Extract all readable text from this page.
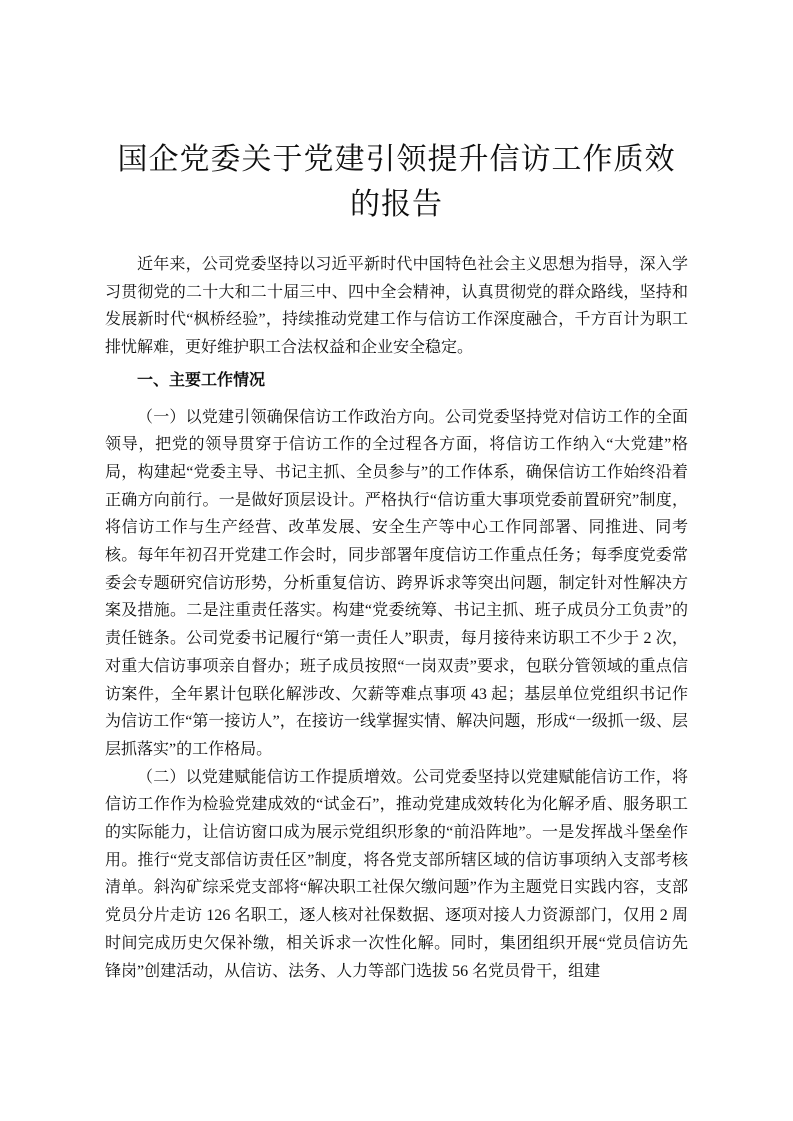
国企党委关于党建引领提升信访工作质效的报告

近年来，公司党委坚持以习近平新时代中国特色社会主义思想为指导，深入学习贯彻党的二十大和二十届三中、四中全会精神，认真贯彻党的群众路线，坚持和发展新时代“枫桥经验”，持续推动党建工作与信访工作深度融合，千方百计为职工排忧解难，更好维护职工合法权益和企业安全稳定。

一、主要工作情况

（一）以党建引领确保信访工作政治方向。公司党委坚持党对信访工作的全面领导，把党的领导贯穿于信访工作的全过程各方面，将信访工作纳入“大党建”格局，构建起“党委主导、书记主抓、全员参与”的工作体系，确保信访工作始终沿着正确方向前行。一是做好顶层设计。严格执行“信访重大事项党委前置研究”制度，将信访工作与生产经营、改革发展、安全生产等中心工作同部署、同推进、同考核。每年年初召开党建工作会时，同步部署年度信访工作重点任务；每季度党委常委会专题研究信访形势，分析重复信访、跨界诉求等突出问题，制定针对性解决方案及措施。二是注重责任落实。构建“党委统筹、书记主抓、班子成员分工负责”的责任链条。公司党委书记履行“第一责任人”职责，每月接待来访职工不少于 2 次，对重大信访事项亲自督办；班子成员按照“一岗双责”要求，包联分管领域的重点信访案件，全年累计包联化解涉改、欠薪等难点事项 43 起；基层单位党组织书记作为信访工作“第一接访人”，在接访一线掌握实情、解决问题，形成“一级抓一级、层层抓落实”的工作格局。

（二）以党建赋能信访工作提质增效。公司党委坚持以党建赋能信访工作，将信访工作作为检验党建成效的“试金石”，推动党建成效转化为化解矛盾、服务职工的实际能力，让信访窗口成为展示党组织形象的“前沿阵地”。一是发挥战斗堡垒作用。推行“党支部信访责任区”制度，将各党支部所辖区域的信访事项纳入支部考核清单。斜沟矿综采党支部将“解决职工社保欠缴问题”作为主题党日实践内容，支部党员分片走访 126 名职工，逐人核对社保数据、逐项对接人力资源部门，仅用 2 周时间完成历史欠保补缴，相关诉求一次性化解。同时，集团组织开展“党员信访先锋岗”创建活动，从信访、法务、人力等部门选拔 56 名党员骨干，组建
